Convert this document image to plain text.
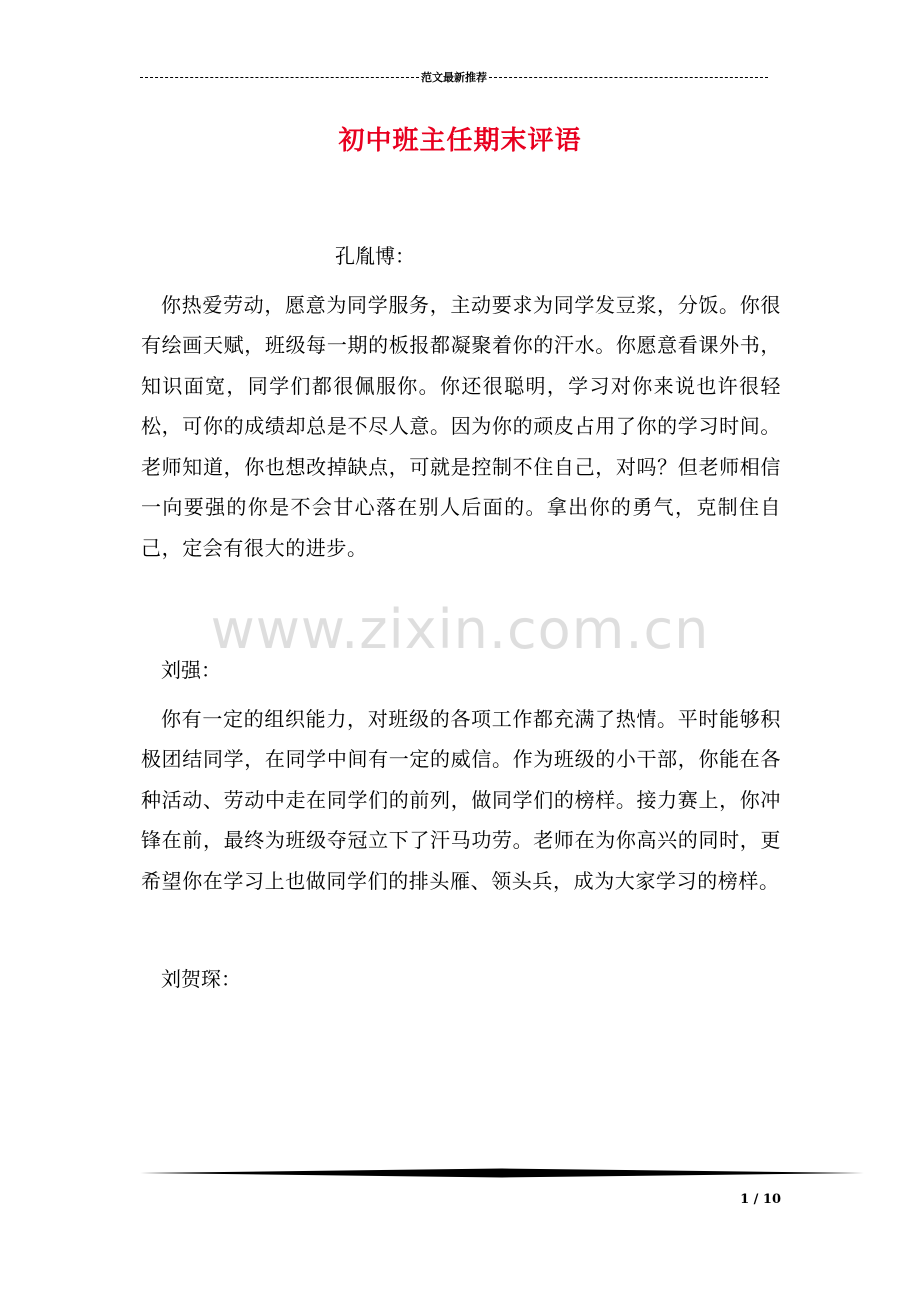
范文最新推荐
初中班主任期末评语
www.zixin.com.cn

孔胤博：

你热爱劳动，愿意为同学服务，主动要求为同学发豆浆，分饭。你很有绘画天赋，班级每一期的板报都凝聚着你的汗水。你愿意看课外书，知识面宽，同学们都很佩服你。你还很聪明，学习对你来说也许很轻松，可你的成绩却总是不尽人意。因为你的顽皮占用了你的学习时间。老师知道，你也想改掉缺点，可就是控制不住自己，对吗？但老师相信一向要强的你是不会甘心落在别人后面的。拿出你的勇气，克制住自己，定会有很大的进步。

刘强：

你有一定的组织能力，对班级的各项工作都充满了热情。平时能够积极团结同学，在同学中间有一定的威信。作为班级的小干部，你能在各种活动、劳动中走在同学们的前列，做同学们的榜样。接力赛上，你冲锋在前，最终为班级夺冠立下了汗马功劳。老师在为你高兴的同时，更希望你在学习上也做同学们的排头雁、领头兵，成为大家学习的榜样。

刘贺琛：

1 / 10
